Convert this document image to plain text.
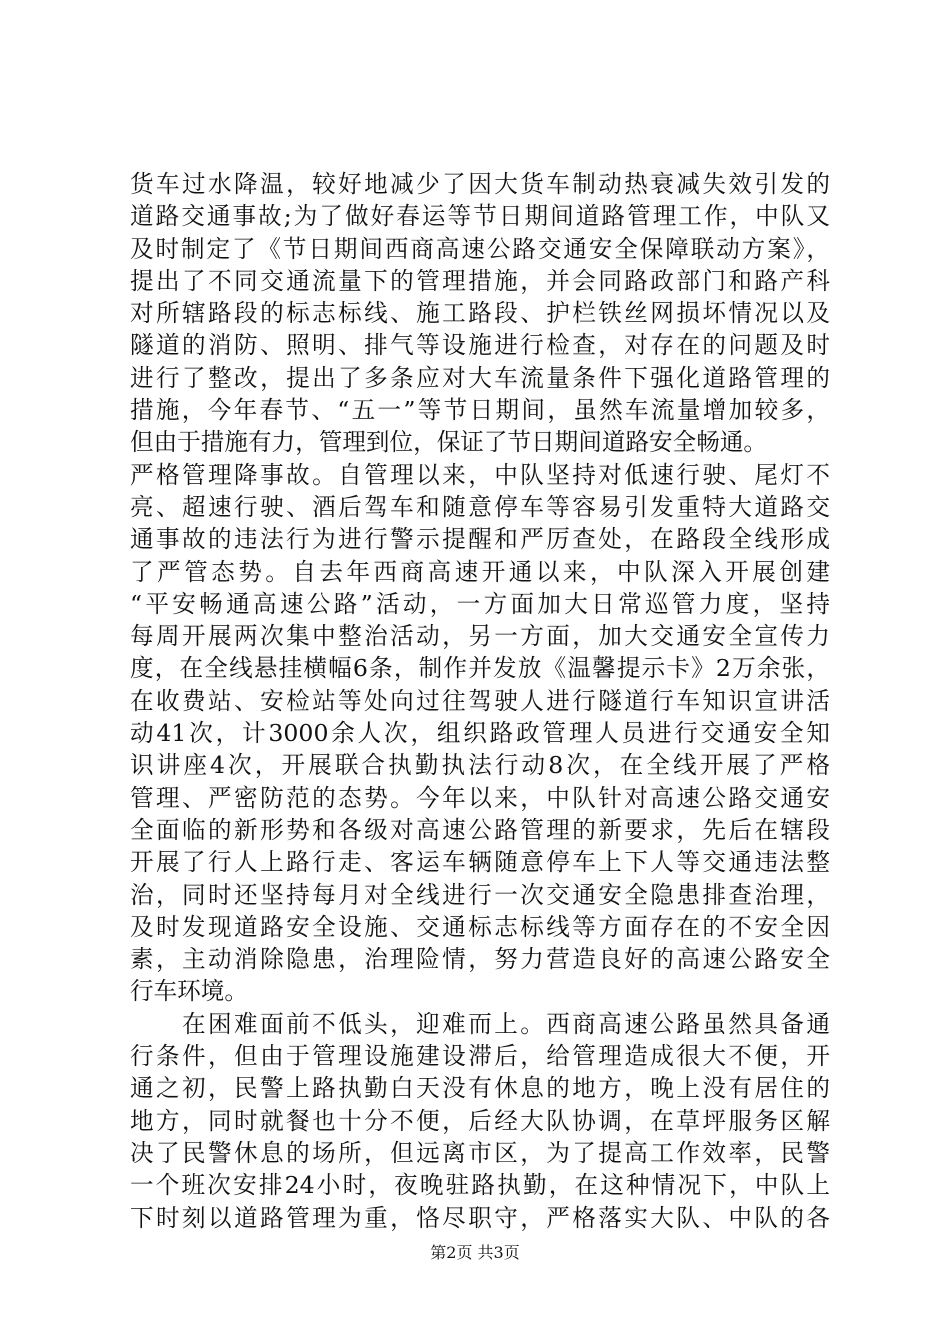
货车过水降温，较好地减少了因大货车制动热衰减失效引发的
道路交通事故;为了做好春运等节日期间道路管理工作，中队又
及时制定了《节日期间西商高速公路交通安全保障联动方案》，
提出了不同交通流量下的管理措施，并会同路政部门和路产科
对所辖路段的标志标线、施工路段、护栏铁丝网损坏情况以及
隧道的消防、照明、排气等设施进行检查，对存在的问题及时
进行了整改，提出了多条应对大车流量条件下强化道路管理的
措施，今年春节、“五一”等节日期间，虽然车流量增加较多，
但由于措施有力，管理到位，保证了节日期间道路安全畅通。
严格管理降事故。自管理以来，中队坚持对低速行驶、尾灯不
亮、超速行驶、酒后驾车和随意停车等容易引发重特大道路交
通事故的违法行为进行警示提醒和严厉查处，在路段全线形成
了严管态势。自去年西商高速开通以来，中队深入开展创建
“平安畅通高速公路”活动，一方面加大日常巡管力度，坚持
每周开展两次集中整治活动，另一方面，加大交通安全宣传力
度，在全线悬挂横幅6条，制作并发放《温馨提示卡》2万余张，
在收费站、安检站等处向过往驾驶人进行隧道行车知识宣讲活
动41次，计3000余人次，组织路政管理人员进行交通安全知
识讲座4次，开展联合执勤执法行动8次，在全线开展了严格
管理、严密防范的态势。今年以来，中队针对高速公路交通安
全面临的新形势和各级对高速公路管理的新要求，先后在辖段
开展了行人上路行走、客运车辆随意停车上下人等交通违法整
治，同时还坚持每月对全线进行一次交通安全隐患排查治理，
及时发现道路安全设施、交通标志标线等方面存在的不安全因
素，主动消除隐患，治理险情，努力营造良好的高速公路安全
行车环境。
　　在困难面前不低头，迎难而上。西商高速公路虽然具备通
行条件，但由于管理设施建设滞后，给管理造成很大不便，开
通之初，民警上路执勤白天没有休息的地方，晚上没有居住的
地方，同时就餐也十分不便，后经大队协调，在草坪服务区解
决了民警休息的场所，但远离市区，为了提高工作效率，民警
一个班次安排24小时，夜晚驻路执勤，在这种情况下，中队上
下时刻以道路管理为重，恪尽职守，严格落实大队、中队的各
第2页 共3页
